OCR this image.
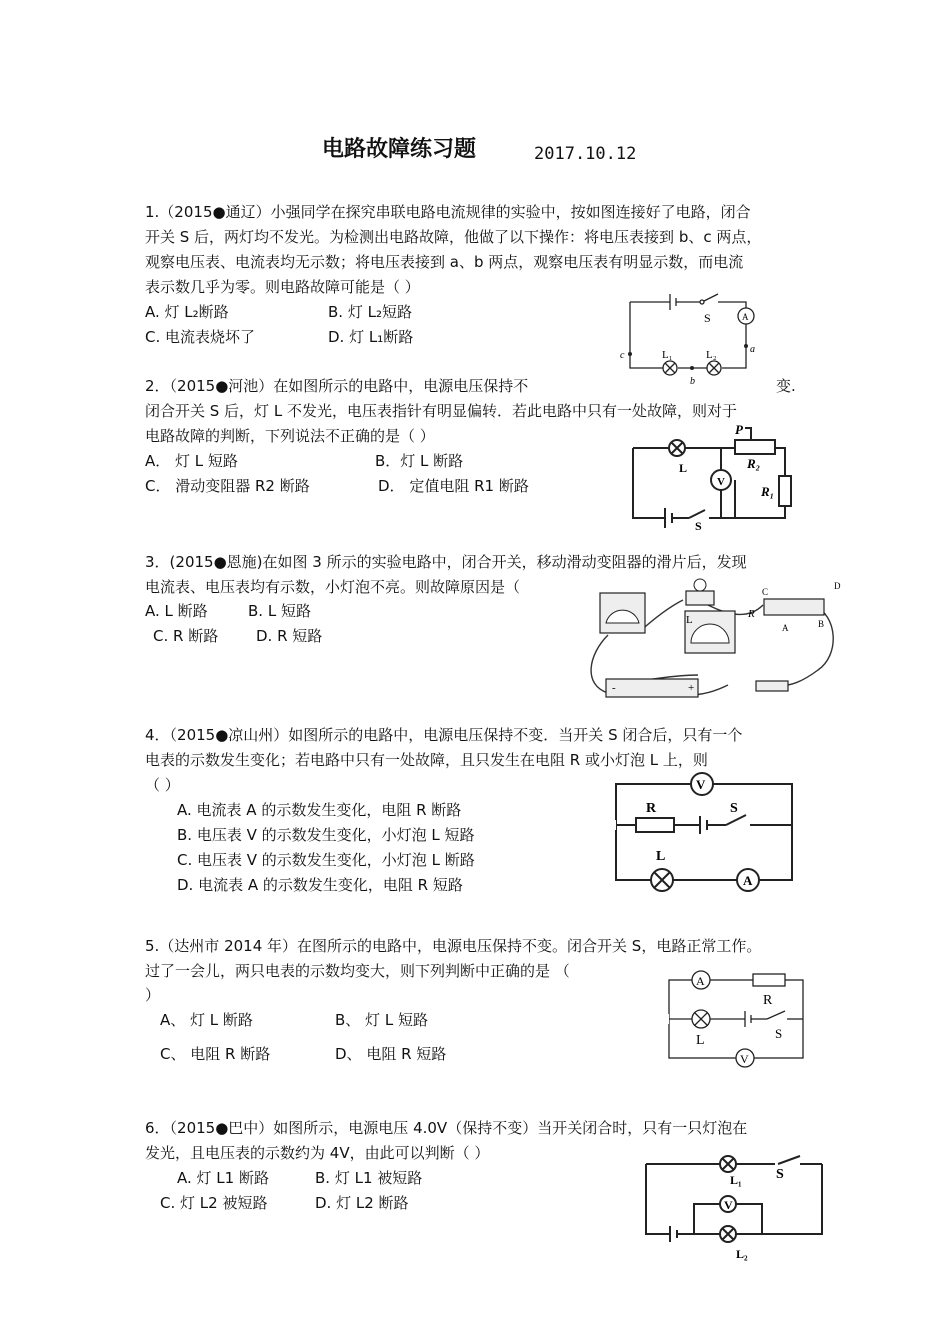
电路故障练习题	2017.10.12
1.（2015●通辽）小强同学在探究串联电路电流规律的实验中，按如图连接好了电路，闭合
开关 S 后，两灯均不发光。为检测出电路故障，他做了以下操作：将电压表接到 b、c 两点，
观察电压表、电流表均无示数；将电压表接到 a、b 两点，观察电压表有明显示数，而电流
表示数几乎为零。则电路故障可能是（ ）
A. 灯 L₂断路	B. 灯 L₂短路
C. 电流表烧坏了	D. 灯 L₁断路
S	A
L₁	L₂	a
b
c
2．（2015●河池）在如图所示的电路中，电源电压保持不	变.
闭合开关 S 后，灯 L 不发光，电压表指针有明显偏转．若此电路中只有一处故障，则对于
电路故障的判断，下列说法不正确的是（ ）
A． 灯 L 短路	B．灯 L 断路
C． 滑动变阻器 R2 断路	D． 定值电阻 R1 断路
P
L
V
R₂
R₁
S
3．(2015●恩施)在如图 3 所示的实验电路中，闭合开关，移动滑动变阻器的滑片后，发现
电流表、电压表均有示数，小灯泡不亮。则故障原因是（
A. L 断路	B. L 短路
C. R 断路	D. R 短路
L	R
A	B
C
D
-	+
4．（2015●凉山州）如图所示的电路中，电源电压保持不变．当开关 S 闭合后，只有一个
电表的示数发生变化；若电路中只有一处故障，且只发生在电阻 R 或小灯泡 L 上，则
（ ）
A. 电流表 A 的示数发生变化，电阻 R 断路
B. 电压表 V 的示数发生变化，小灯泡 L 短路
C. 电压表 V 的示数发生变化，小灯泡 L 断路
D. 电流表 A 的示数发生变化，电阻 R 短路
V
R	S
L
A
5.（达州市 2014 年）在图所示的电路中，电源电压保持不变。闭合开关 S，电路正常工作。
过了一会儿，两只电表的示数均变大，则下列判断中正确的是 （
）
A、 灯 L 断路	B、 灯 L 短路
C、 电阻 R 断路	D、 电阻 R 短路
A
R
L	S
V
6．（2015●巴中）如图所示，电源电压 4.0V（保持不变）当开关闭合时，只有一只灯泡在
发光，且电压表的示数约为 4V，由此可以判断（ ）
A. 灯 L1 断路	B. 灯 L1 被短路
C. 灯 L2 被短路	D. 灯 L2 断路
L₁ S
V
L₂
